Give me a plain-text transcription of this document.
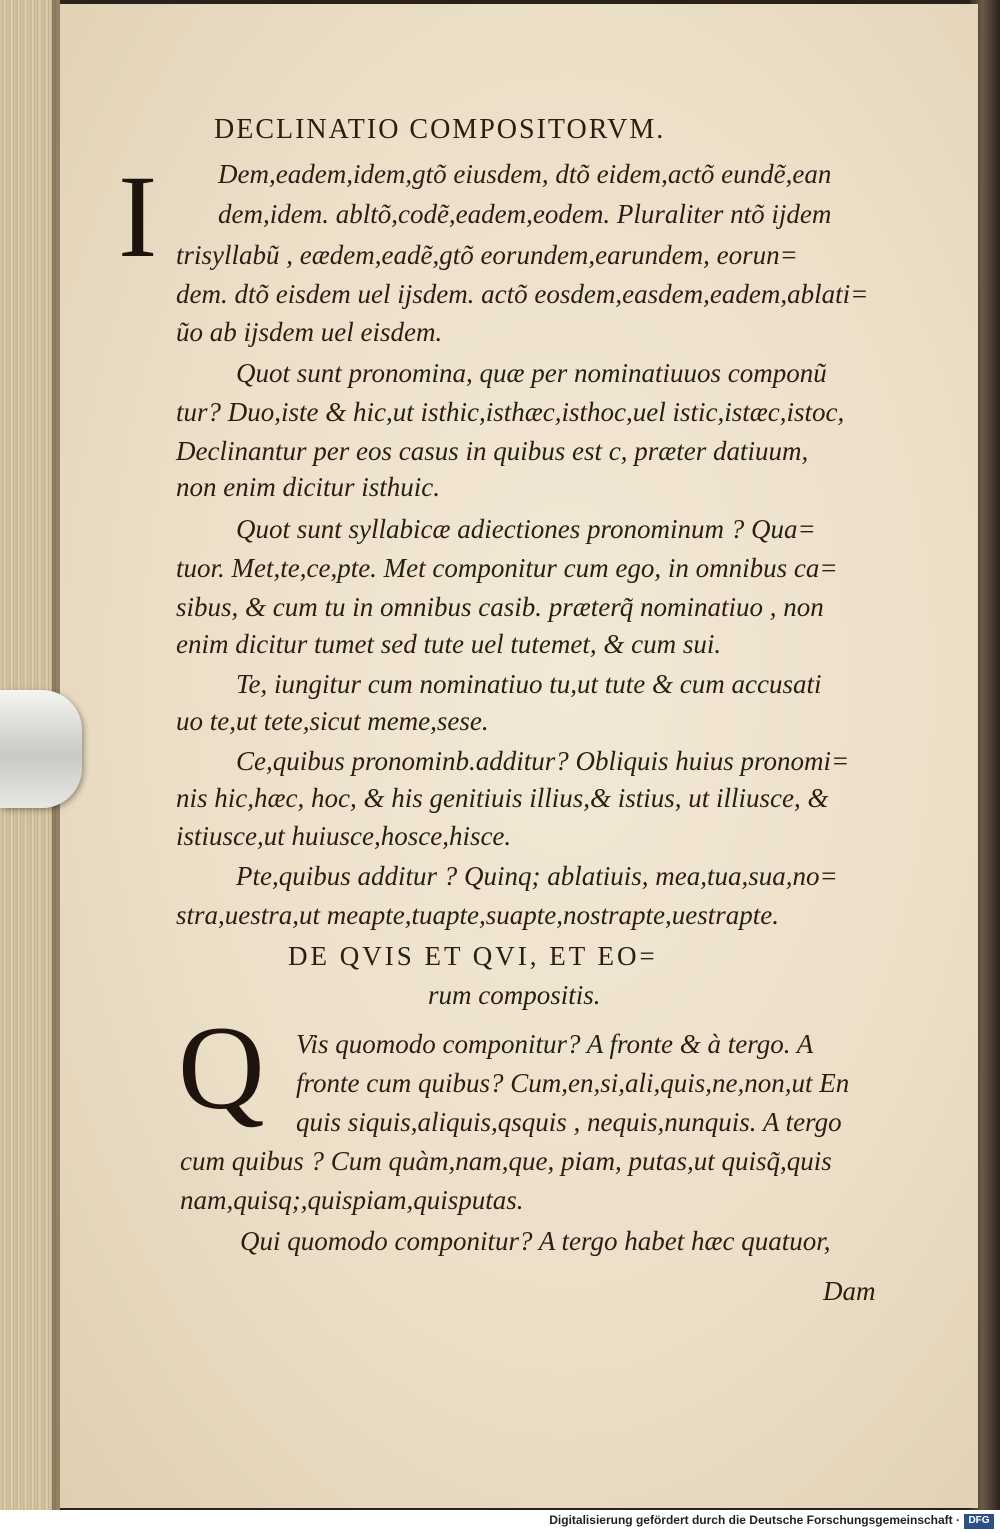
DECLINATIO COMPOSITORVM.
I Dem,eadem,idem,gtõ eiusdem, dtõ eidem,actõ eundẽ,ean
dem,idem. abltõ,codẽ,eadem,eodem. Pluraliter ntõ ijdem
trisyllabũ , eædem,eadẽ,gtõ eorundem,earundem, eorun=
dem. dtõ eisdem uel ijsdem. actõ eosdem,easdem,eadem,ablati=
ũo ab ijsdem uel eisdem.
Quot sunt pronomina, quæ per nominatiuuos componũ
tur? Duo,iste & hic,ut isthic,isthæc,isthoc,uel istic,istæc,istoc,
Declinantur per eos casus in quibus est c, præter datiuum,
non enim dicitur isthuic.
Quot sunt syllabicæ adiectiones pronominum ? Qua=
tuor. Met,te,ce,pte. Met componitur cum ego, in omnibus ca=
sibus, & cum tu in omnibus casib. præterq̃ nominatiuo , non
enim dicitur tumet sed tute uel tutemet, & cum sui.
Te, iungitur cum nominatiuo tu,ut tute & cum accusati
uo te,ut tete,sicut meme,sese.
Ce,quibus pronominb.additur? Obliquis huius pronomi=
nis hic,hæc, hoc, & his genitiuis illius,& istius, ut illiusce, &
istiusce,ut huiusce,hosce,hisce.
Pte,quibus additur ? Quinq; ablatiuis, mea,tua,sua,no=
stra,uestra,ut meapte,tuapte,suapte,nostrapte,uestrapte.
DE QVIS ET QVI, ET EO=
rum compositis.
Q Vis quomodo componitur? A fronte & à tergo. A
fronte cum quibus? Cum,en,si,ali,quis,ne,non,ut En
quis siquis,aliquis,qsquis , nequis,nunquis. A tergo
cum quibus ? Cum quàm,nam,que, piam, putas,ut quisq̃,quis
nam,quisq;,quispiam,quisputas.
Qui quomodo componitur? A tergo habet hæc quatuor,
Dam
Digitalisierung gefördert durch die Deutsche Forschungsgemeinschaft · DFG
